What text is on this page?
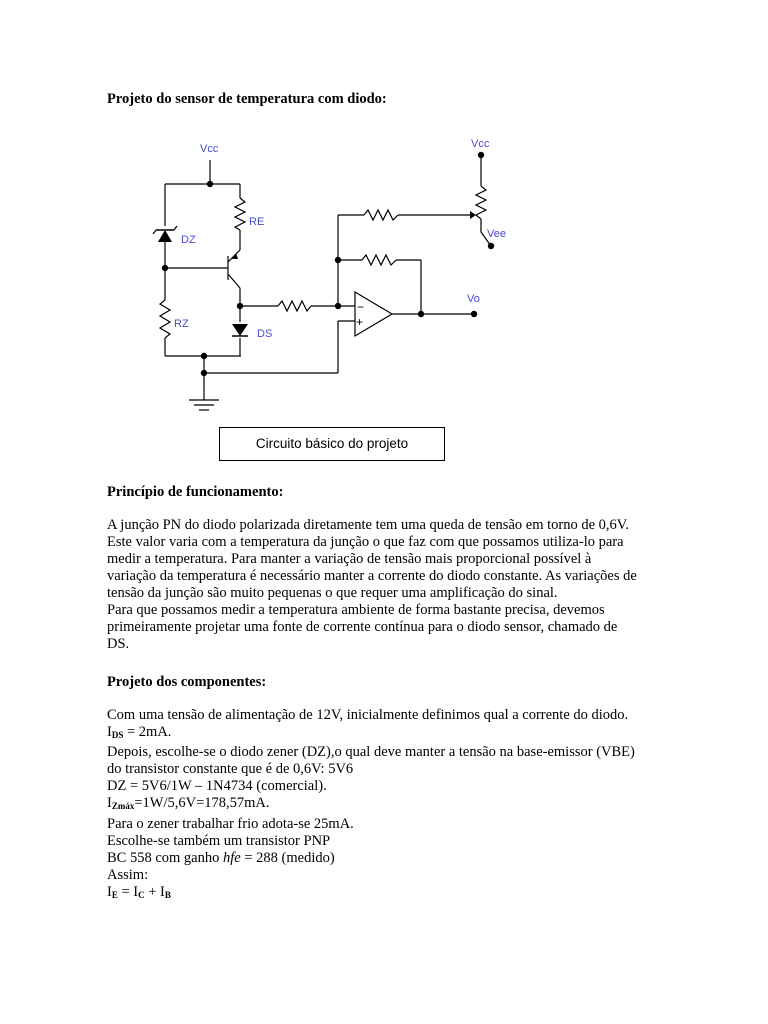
Projeto do sensor de temperatura com diodo:
Vcc	Vcc
Vee
RE
DZ
RZ
DS
Vo
−
+
Circuito básico do projeto
Princípio de funcionamento:
A junção PN do diodo polarizada diretamente tem uma queda de tensão em torno de 0,6V.
Este valor varia com a temperatura da junção o que faz com que possamos utiliza-lo para
medir a temperatura. Para manter a variação de tensão mais proporcional possível à
variação da temperatura é necessário manter a corrente do diodo constante. As variações de
tensão da junção são muito pequenas o que requer uma amplificação do sinal.
Para que possamos medir a temperatura ambiente de forma bastante precisa, devemos
primeiramente projetar uma fonte de corrente contínua para o diodo sensor, chamado de
DS.
Projeto dos componentes:
Com uma tensão de alimentação de 12V, inicialmente definimos qual a corrente do diodo.
$I_{DS} = 2mA$.
Depois, escolhe-se o diodo zener (DZ),o qual deve manter a tensão na base-emissor (VBE)
do transistor constante que é de 0,6V: 5V6
DZ = 5V6/1W – 1N4734 (comercial).
$I_{Zmáx}=1W/5,6V=178,57mA$.
Para o zener trabalhar frio adota-se 25mA.
Escolhe-se também um transistor PNP
BC 558 com ganho hfe = 288 (medido)
Assim:
$I_E = I_C + I_B$
